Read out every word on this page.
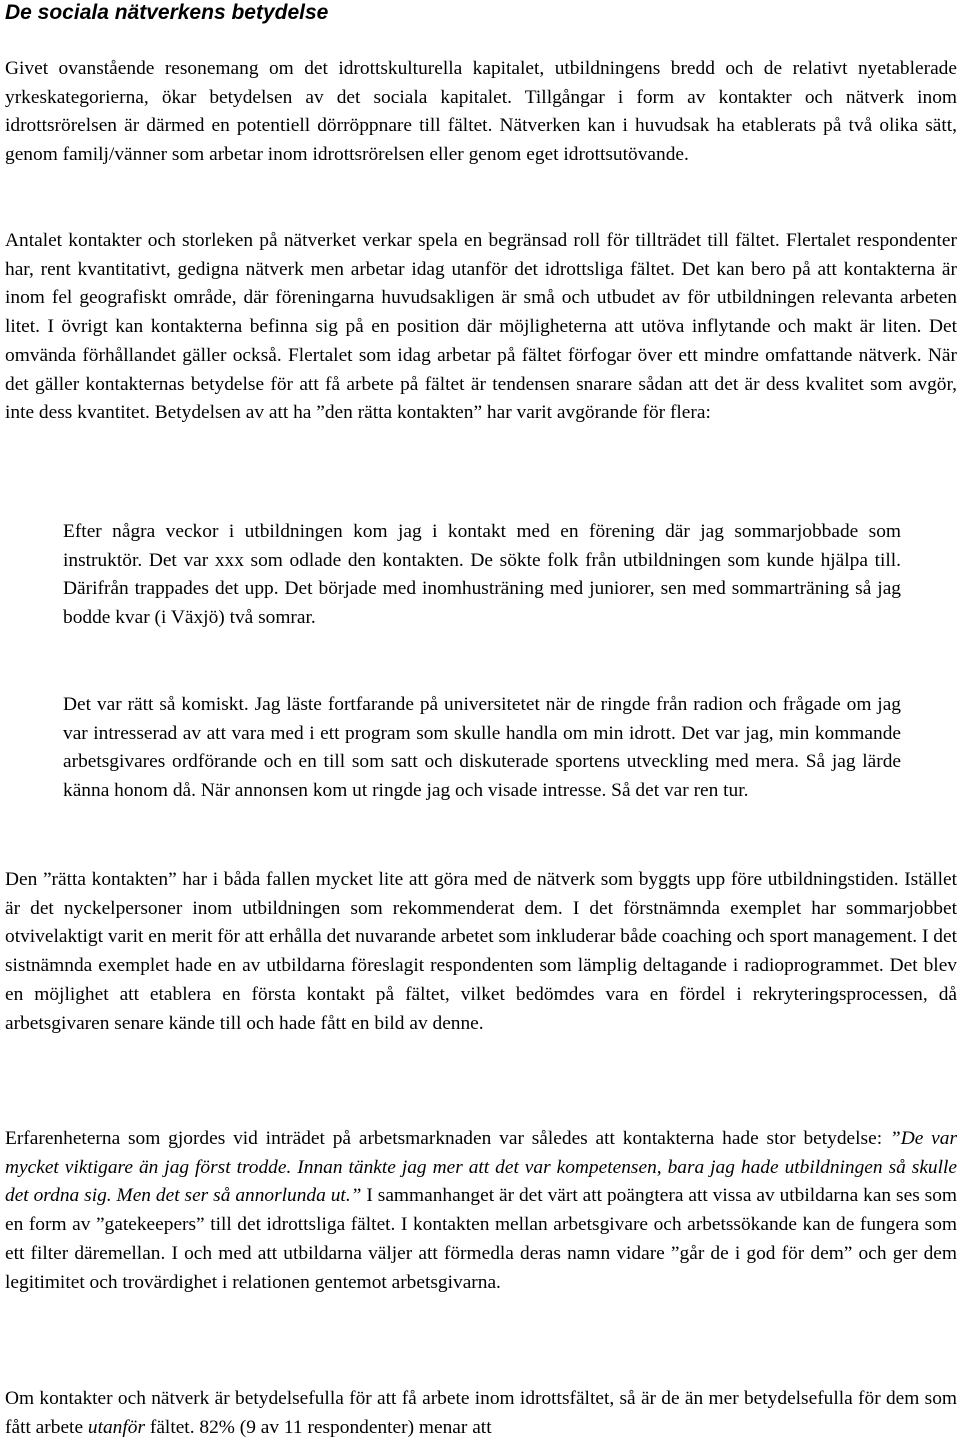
De sociala nätverkens betydelse

Givet ovanstående resonemang om det idrottskulturella kapitalet, utbildningens bredd och de relativt nyetablerade yrkeskategorierna, ökar betydelsen av det sociala kapitalet. Tillgångar i form av kontakter och nätverk inom idrottsrörelsen är därmed en potentiell dörröppnare till fältet. Nätverken kan i huvudsak ha etablerats på två olika sätt, genom familj/vänner som arbetar inom idrottsrörelsen eller genom eget idrottsutövande.

Antalet kontakter och storleken på nätverket verkar spela en begränsad roll för tillträdet till fältet. Flertalet respondenter har, rent kvantitativt, gedigna nätverk men arbetar idag utanför det idrottsliga fältet. Det kan bero på att kontakterna är inom fel geografiskt område, där föreningarna huvudsakligen är små och utbudet av för utbildningen relevanta arbeten litet. I övrigt kan kontakterna befinna sig på en position där möjligheterna att utöva inflytande och makt är liten. Det omvända förhållandet gäller också. Flertalet som idag arbetar på fältet förfogar över ett mindre omfattande nätverk. När det gäller kontakternas betydelse för att få arbete på fältet är tendensen snarare sådan att det är dess kvalitet som avgör, inte dess kvantitet. Betydelsen av att ha ”den rätta kontakten” har varit avgörande för flera:

Efter några veckor i utbildningen kom jag i kontakt med en förening där jag sommarjobbade som instruktör. Det var xxx som odlade den kontakten. De sökte folk från utbildningen som kunde hjälpa till. Därifrån trappades det upp. Det började med inomhusträning med juniorer, sen med sommarträning så jag bodde kvar (i Växjö) två somrar.

Det var rätt så komiskt. Jag läste fortfarande på universitetet när de ringde från radion och frågade om jag var intresserad av att vara med i ett program som skulle handla om min idrott. Det var jag, min kommande arbetsgivares ordförande och en till som satt och diskuterade sportens utveckling med mera. Så jag lärde känna honom då. När annonsen kom ut ringde jag och visade intresse. Så det var ren tur.

Den ”rätta kontakten” har i båda fallen mycket lite att göra med de nätverk som byggts upp före utbildningstiden. Istället är det nyckelpersoner inom utbildningen som rekommenderat dem. I det förstnämnda exemplet har sommarjobbet otvivelaktigt varit en merit för att erhålla det nuvarande arbetet som inkluderar både coaching och sport management. I det sistnämnda exemplet hade en av utbildarna föreslagit respondenten som lämplig deltagande i radioprogrammet. Det blev en möjlighet att etablera en första kontakt på fältet, vilket bedömdes vara en fördel i rekryteringsprocessen, då arbetsgivaren senare kände till och hade fått en bild av denne.

Erfarenheterna som gjordes vid inträdet på arbetsmarknaden var således att kontakterna hade stor betydelse: ”De var mycket viktigare än jag först trodde. Innan tänkte jag mer att det var kompetensen, bara jag hade utbildningen så skulle det ordna sig. Men det ser så annorlunda ut.” I sammanhanget är det värt att poängtera att vissa av utbildarna kan ses som en form av ”gatekeepers” till det idrottsliga fältet. I kontakten mellan arbetsgivare och arbetssökande kan de fungera som ett filter däremellan. I och med att utbildarna väljer att förmedla deras namn vidare ”går de i god för dem” och ger dem legitimitet och trovärdighet i relationen gentemot arbetsgivarna.

Om kontakter och nätverk är betydelsefulla för att få arbete inom idrottsfältet, så är de än mer betydelsefulla för dem som fått arbete utanför fältet. 82% (9 av 11 respondenter) menar att
